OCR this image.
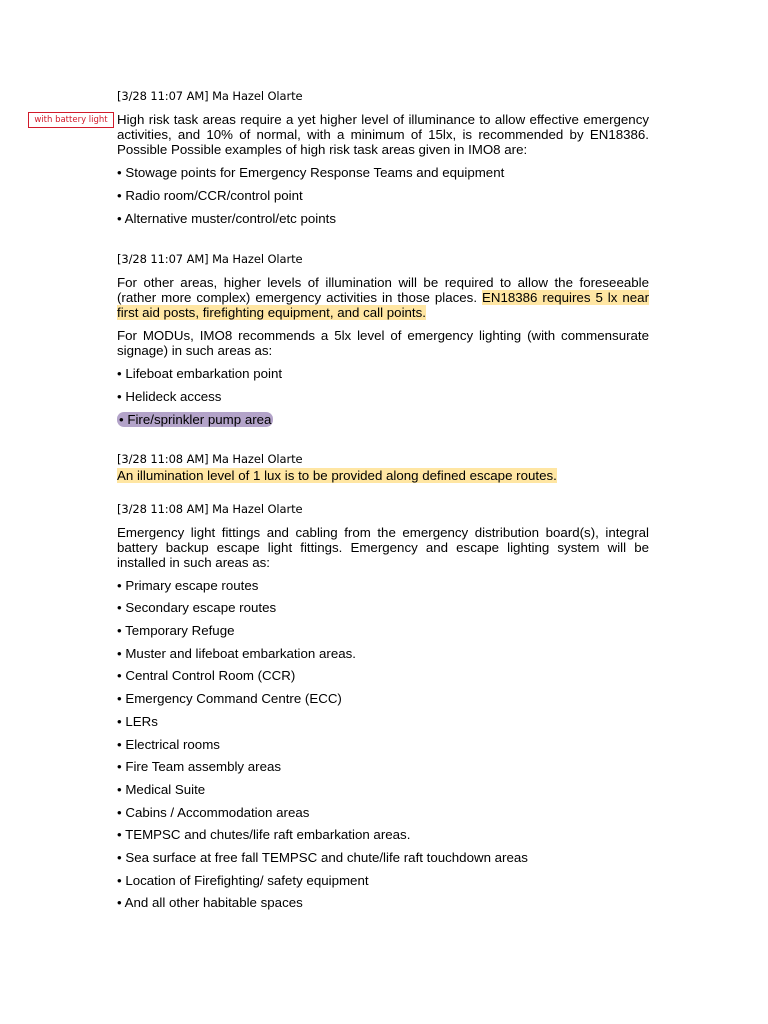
with battery light
[3/28 11:07 AM] Ma Hazel Olarte
High risk task areas require a yet higher level of illuminance to allow effective emergency activities, and 10% of normal, with a minimum of 15lx, is recommended by EN18386. Possible Possible examples of high risk task areas given in IMO8 are:
• Stowage points for Emergency Response Teams and equipment
• Radio room/CCR/control point
• Alternative muster/control/etc points
[3/28 11:07 AM] Ma Hazel Olarte
For other areas, higher levels of illumination will be required to allow the foreseeable (rather more complex) emergency activities in those places. EN18386 requires 5 lx near first aid posts, firefighting equipment, and call points.
For MODUs, IMO8 recommends a 5lx level of emergency lighting (with commensurate signage) in such areas as:
• Lifeboat embarkation point
• Helideck access
• Fire/sprinkler pump area
[3/28 11:08 AM] Ma Hazel Olarte
An illumination level of 1 lux is to be provided along defined escape routes.
[3/28 11:08 AM] Ma Hazel Olarte
Emergency light fittings and cabling from the emergency distribution board(s), integral battery backup escape light fittings. Emergency and escape lighting system will be installed in such areas as:
• Primary escape routes
• Secondary escape routes
• Temporary Refuge
• Muster and lifeboat embarkation areas.
• Central Control Room (CCR)
• Emergency Command Centre (ECC)
• LERs
• Electrical rooms
• Fire Team assembly areas
• Medical Suite
• Cabins / Accommodation areas
• TEMPSC and chutes/life raft embarkation areas.
• Sea surface at free fall TEMPSC and chute/life raft touchdown areas
• Location of Firefighting/ safety equipment
• And all other habitable spaces
